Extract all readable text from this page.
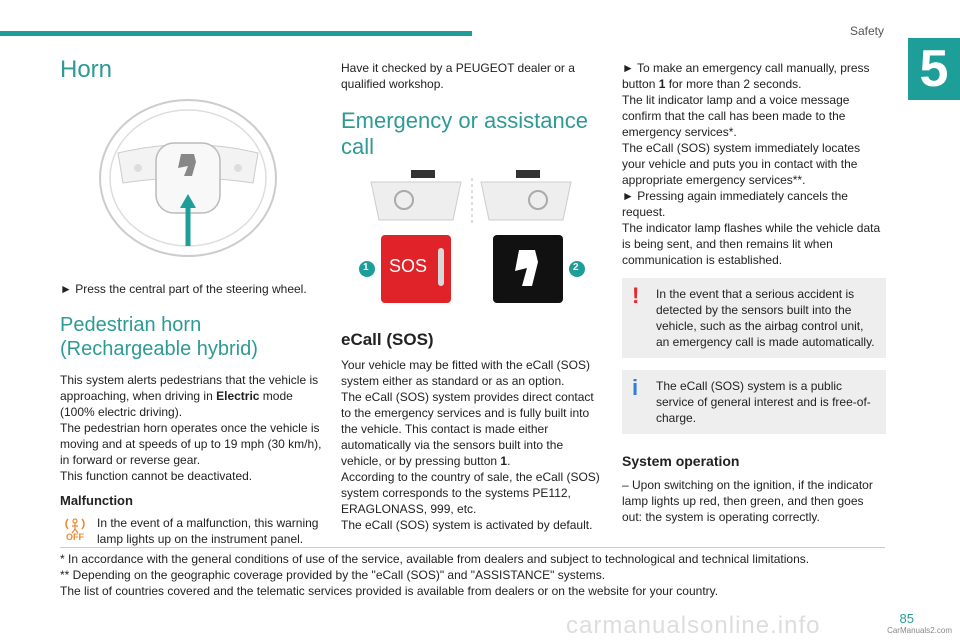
Safety
5
Horn

► Press the central part of the steering wheel.

Pedestrian horn (Rechargeable hybrid)

This system alerts pedestrians that the vehicle is approaching, when driving in Electric mode (100% electric driving).

The pedestrian horn operates once the vehicle is moving and at speeds of up to 19 mph (30 km/h), in forward or reverse gear.

This function cannot be deactivated.

Malfunction

OFF

In the event of a malfunction, this warning lamp lights up on the instrument panel.

Have it checked by a PEUGEOT dealer or a qualified workshop.

Emergency or assistance call
SOS
1	2

eCall (SOS)

Your vehicle may be fitted with the eCall (SOS) system either as standard or as an option.

The eCall (SOS) system provides direct contact to the emergency services and is fully built into the vehicle. This contact is made either automatically via the sensors built into the vehicle, or by pressing button 1.

According to the country of sale, the eCall (SOS) system corresponds to the systems PE112, ERAGLONASS, 999, etc.

The eCall (SOS) system is activated by default.

► To make an emergency call manually, press button 1 for more than 2 seconds.

The lit indicator lamp and a voice message confirm that the call has been made to the emergency services*.

The eCall (SOS) system immediately locates your vehicle and puts you in contact with the appropriate emergency services**.

► Pressing again immediately cancels the request.

The indicator lamp flashes while the vehicle data is being sent, and then remains lit when communication is established.

!	In the event that a serious accident is detected by the sensors built into the vehicle, such as the airbag control unit, an emergency call is made automatically.

i	The eCall (SOS) system is a public service of general interest and is free-of-charge.

System operation

– Upon switching on the ignition, if the indicator lamp lights up red, then green, and then goes out: the system is operating correctly.

* In accordance with the general conditions of use of the service, available from dealers and subject to technological and technical limitations.

** Depending on the geographic coverage provided by the "eCall (SOS)" and "ASSISTANCE" systems.

The list of countries covered and the telematic services provided is available from dealers or on the website for your country.

carmanualsonline.info	85
CarManuals2.com
